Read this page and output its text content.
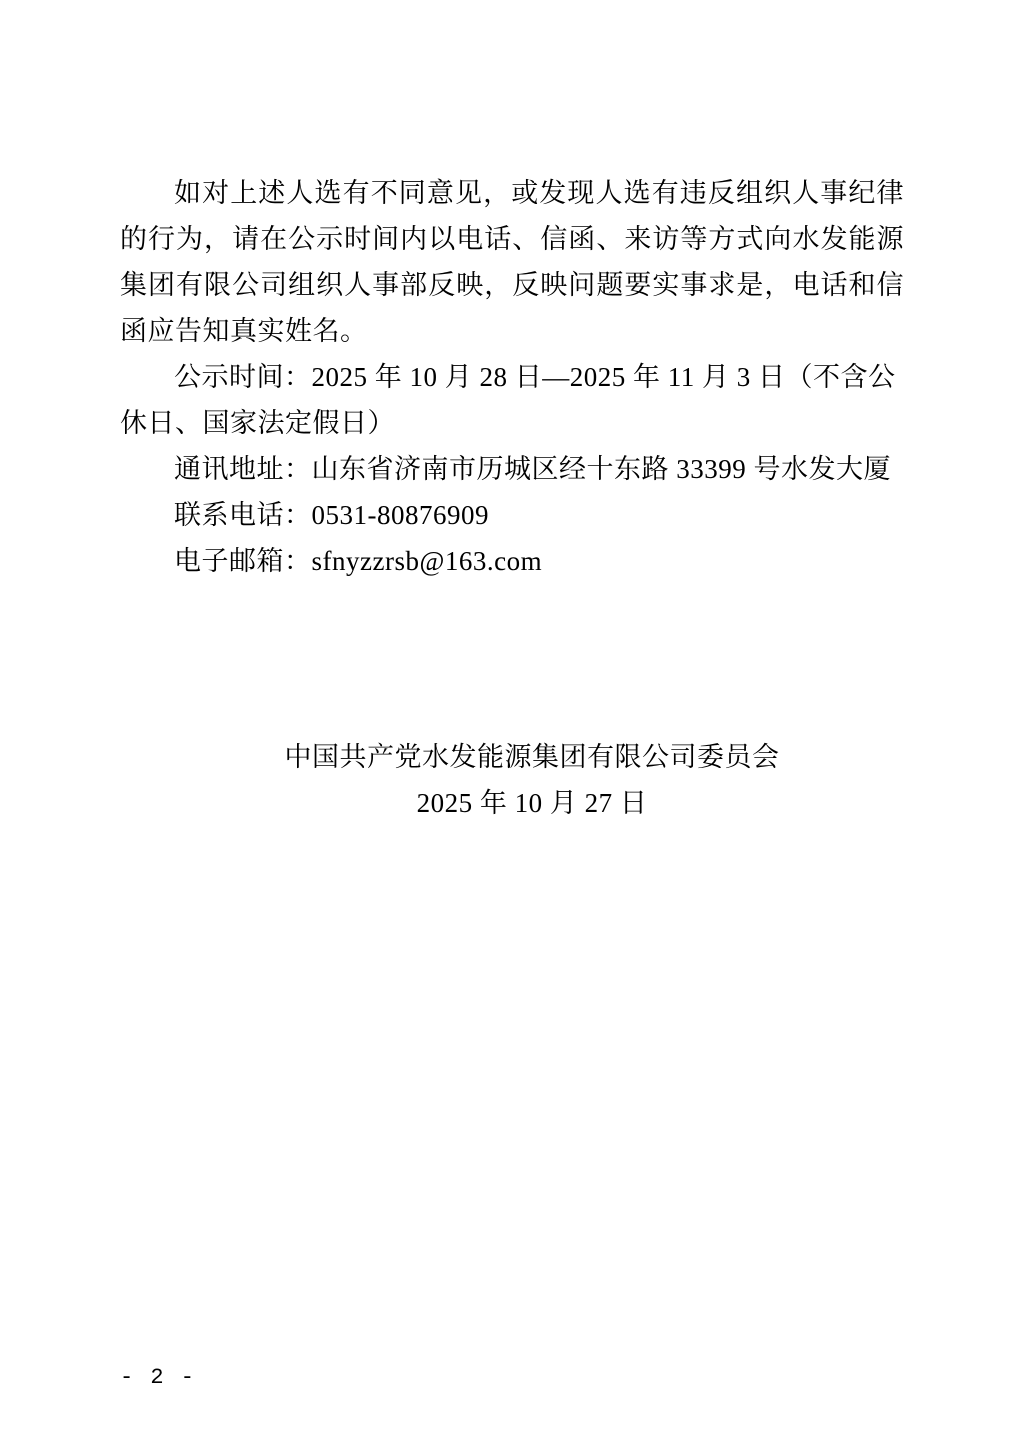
如对上述人选有不同意见，或发现人选有违反组织人事纪律的行为，请在公示时间内以电话、信函、来访等方式向水发能源集团有限公司组织人事部反映，反映问题要实事求是，电话和信函应告知真实姓名。

公示时间：2025 年 10 月 28 日—2025 年 11 月 3 日（不含公
休日、国家法定假日）
通讯地址：山东省济南市历城区经十东路 33399 号水发大厦
联系电话：0531-80876909
电子邮箱：sfnyzzrsb@163.com
中国共产党水发能源集团有限公司委员会
2025 年 10 月 27 日
- 2 -
